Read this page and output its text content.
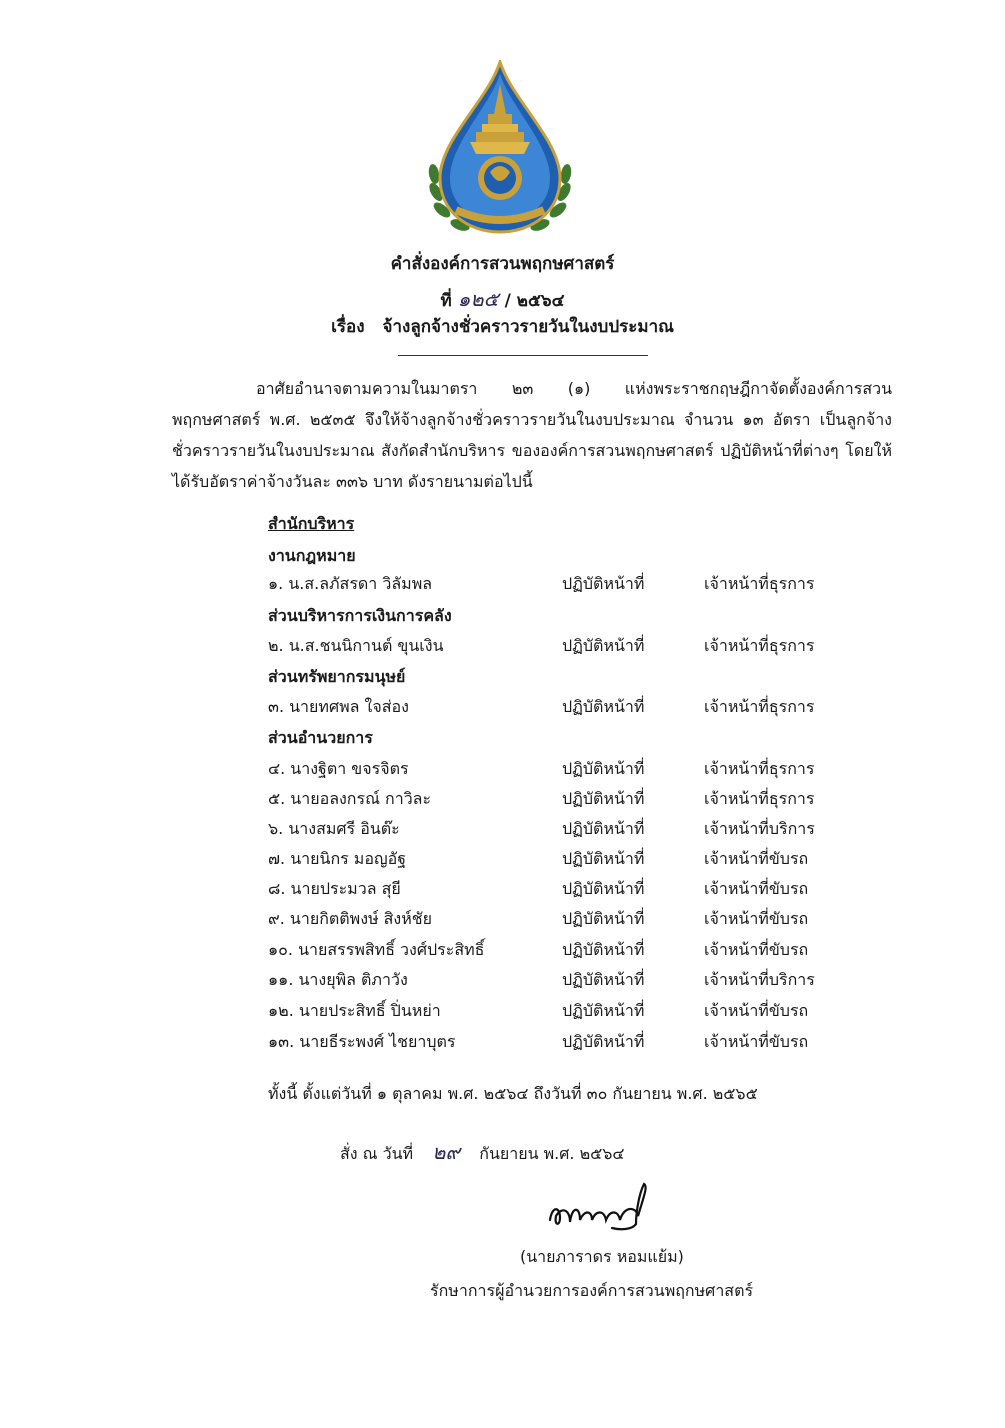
คำสั่งองค์การสวนพฤกษศาสตร์
ที่ ๑๒๕ / ๒๕๖๔
เรื่อง จ้างลูกจ้างชั่วคราวรายวันในงบประมาณ
อาศัยอำนาจตามความในมาตรา ๒๓ (๑) แห่งพระราชกฤษฎีกาจัดตั้งองค์การสวนพฤกษศาสตร์ พ.ศ. ๒๕๓๕ จึงให้จ้างลูกจ้างชั่วคราวรายวันในงบประมาณ จำนวน ๑๓ อัตรา เป็นลูกจ้างชั่วคราวรายวันในงบประมาณ สังกัดสำนักบริหาร ขององค์การสวนพฤกษศาสตร์ ปฏิบัติหน้าที่ต่างๆ โดยให้ได้รับอัตราค่าจ้างวันละ ๓๓๖ บาท ดังรายนามต่อไปนี้
สำนักบริหาร
งานกฎหมาย
๑. น.ส.ลภัสรดา วิลัมพล	ปฏิบัติหน้าที่	เจ้าหน้าที่ธุรการ
ส่วนบริหารการเงินการคลัง
๒. น.ส.ชนนิกานต์ ขุนเงิน	ปฏิบัติหน้าที่	เจ้าหน้าที่ธุรการ
ส่วนทรัพยากรมนุษย์
๓. นายทศพล ใจส่อง	ปฏิบัติหน้าที่	เจ้าหน้าที่ธุรการ
ส่วนอำนวยการ
๔. นางฐิตา ขจรจิตร	ปฏิบัติหน้าที่	เจ้าหน้าที่ธุรการ
๕. นายอลงกรณ์ กาวิละ	ปฏิบัติหน้าที่	เจ้าหน้าที่ธุรการ
๖. นางสมศรี อินต๊ะ	ปฏิบัติหน้าที่	เจ้าหน้าที่บริการ
๗. นายนิกร มอญอัฐ	ปฏิบัติหน้าที่	เจ้าหน้าที่ขับรถ
๘. นายประมวล สุยี	ปฏิบัติหน้าที่	เจ้าหน้าที่ขับรถ
๙. นายกิตติพงษ์ สิงห์ชัย	ปฏิบัติหน้าที่	เจ้าหน้าที่ขับรถ
๑๐. นายสรรพสิทธิ์ วงศ์ประสิทธิ์	ปฏิบัติหน้าที่	เจ้าหน้าที่ขับรถ
๑๑. นางยุพิล ติภาวัง	ปฏิบัติหน้าที่	เจ้าหน้าที่บริการ
๑๒. นายประสิทธิ์ ปิ่นหย่า	ปฏิบัติหน้าที่	เจ้าหน้าที่ขับรถ
๑๓. นายธีระพงศ์ ไชยาบุตร	ปฏิบัติหน้าที่	เจ้าหน้าที่ขับรถ
ทั้งนี้ ตั้งแต่วันที่ ๑ ตุลาคม พ.ศ. ๒๕๖๔ ถึงวันที่ ๓๐ กันยายน พ.ศ. ๒๕๖๕
สั่ง ณ วันที่ ๒๙ กันยายน พ.ศ. ๒๕๖๔
(นายภาราดร หอมแย้ม)
รักษาการผู้อำนวยการองค์การสวนพฤกษศาสตร์
